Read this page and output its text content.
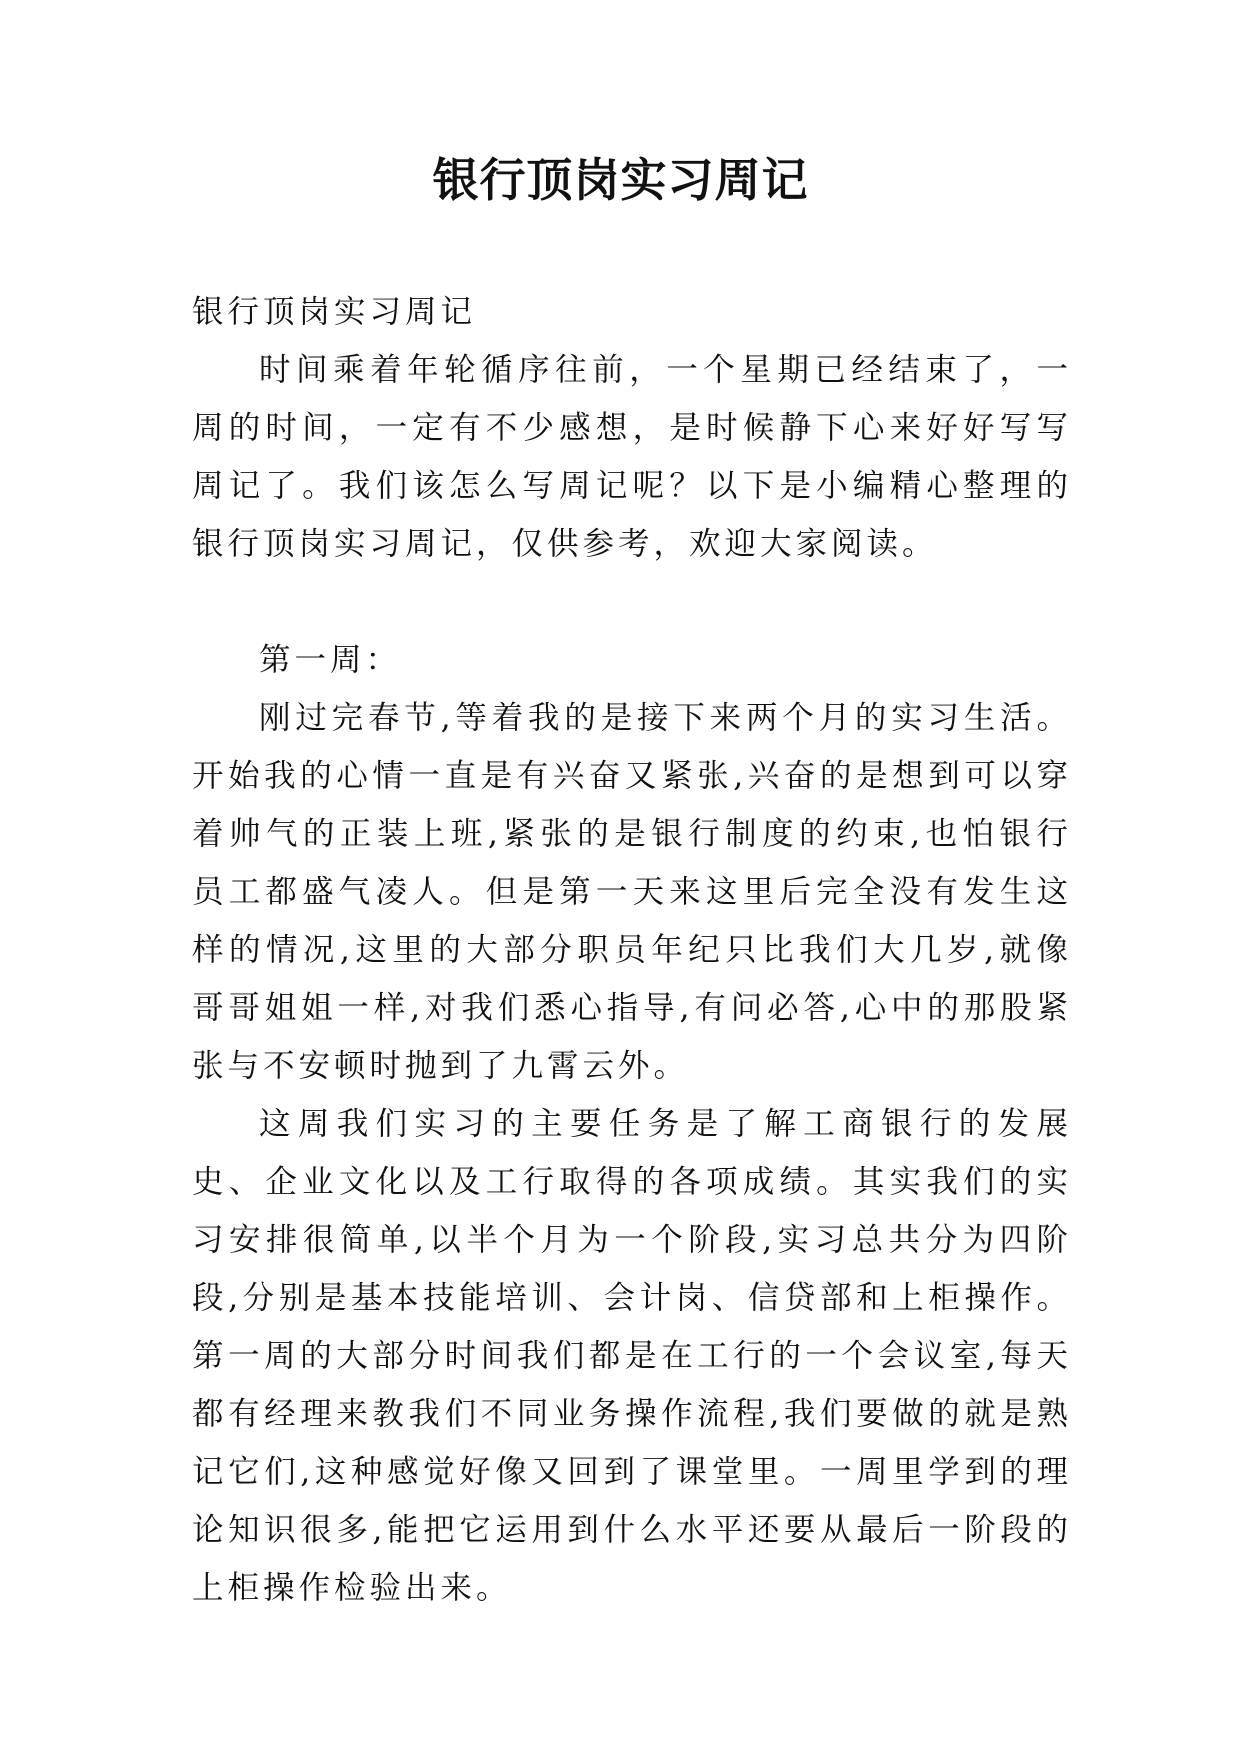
银行顶岗实习周记

银行顶岗实习周记

时间乘着年轮循序往前，一个星期已经结束了，一周的时间，一定有不少感想，是时候静下心来好好写写周记了。我们该怎么写周记呢？以下是小编精心整理的银行顶岗实习周记，仅供参考，欢迎大家阅读。

第一周：

刚过完春节,等着我的是接下来两个月的实习生活。开始我的心情一直是有兴奋又紧张,兴奋的是想到可以穿着帅气的正装上班,紧张的是银行制度的约束,也怕银行员工都盛气凌人。但是第一天来这里后完全没有发生这样的情况,这里的大部分职员年纪只比我们大几岁,就像哥哥姐姐一样,对我们悉心指导,有问必答,心中的那股紧张与不安顿时抛到了九霄云外。

这周我们实习的主要任务是了解工商银行的发展史、企业文化以及工行取得的各项成绩。其实我们的实习安排很简单,以半个月为一个阶段,实习总共分为四阶段,分别是基本技能培训、会计岗、信贷部和上柜操作。第一周的大部分时间我们都是在工行的一个会议室,每天都有经理来教我们不同业务操作流程,我们要做的就是熟记它们,这种感觉好像又回到了课堂里。一周里学到的理论知识很多,能把它运用到什么水平还要从最后一阶段的上柜操作检验出来。
